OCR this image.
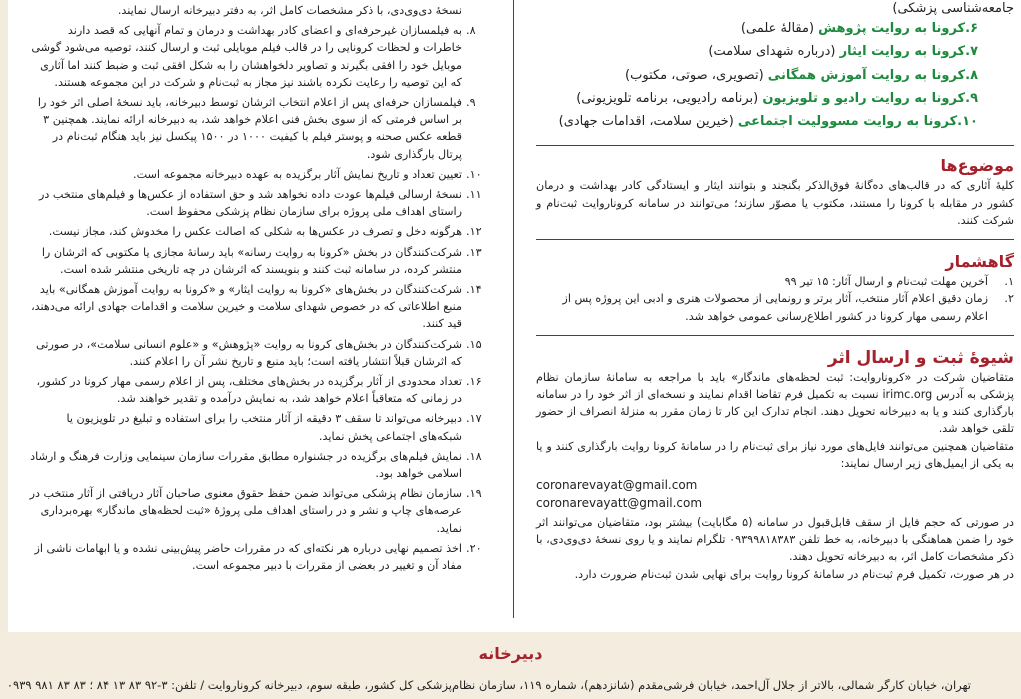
نسخهٔ دی‌وی‌دی، با ذکر مشخصات کامل اثر، به دفتر دبیرخانه ارسال نمایند.

۸.
به فیلمسازان غیرحرفه‌ای و اعضای کادر بهداشت و درمان و تمام آنهایی که قصد دارند خاطرات و لحظات کرونایی را در قالب فیلم موبایلی ثبت و ارسال کنند، توصیه می‌شود گوشی موبایل خود را افقی بگیرند و تصاویر دلخواهشان را به شکل افقی ثبت و ضبط کنند اما آثاری که این توصیه را رعایت نکرده باشند نیز مجاز به ثبت‌نام و شرکت در این مجموعه هستند.

۹.
فیلمسازان حرفه‌ای پس از اعلام انتخاب اثرشان توسط دبیرخانه، باید نسخهٔ اصلی اثر خود را بر اساس فرمتی که از سوی بخش فنی اعلام خواهد شد، به دبیرخانه ارائه نمایند. همچنین ۳ قطعه عکس صحنه و پوستر فیلم با کیفیت ۱۰۰۰ در ۱۵۰۰ پیکسل نیز باید هنگام ثبت‌نام در پرتال بارگذاری شود.

۱۰.
تعیین تعداد و تاریخ نمایش آثار برگزیده به عهده دبیرخانه مجموعه است.

۱۱.
نسخهٔ ارسالی فیلم‌ها عودت داده نخواهد شد و حق استفاده از عکس‌ها و فیلم‌های منتخب در راستای اهداف ملی پروژه برای سازمان نظام پزشکی محفوظ است.

۱۲.
هرگونه دخل و تصرف در عکس‌ها به شکلی که اصالت عکس را مخدوش کند، مجاز نیست.

۱۳.
شرکت‌کنندگان در بخش «کرونا به روایت رسانه» باید رسانهٔ مجازی یا مکتوبی که اثرشان را منتشر کرده، در سامانه ثبت کنند و بنویسند که اثرشان در چه تاریخی منتشر شده است.

۱۴.
شرکت‌کنندگان در بخش‌های «کرونا به روایت ایثار» و «کرونا به روایت آموزش همگانی» باید منبع اطلاعاتی که در خصوص شهدای سلامت و خیرین سلامت و اقدامات جهادی ارائه می‌دهند، قید کنند.

۱۵.
شرکت‌کنندگان در بخش‌های کرونا به روایت «پژوهش» و «علوم انسانی سلامت»، در صورتی که اثرشان قبلاً انتشار یافته است؛ باید منبع و تاریخ نشر آن را اعلام کنند.

۱۶.
تعداد محدودی از آثار برگزیده در بخش‌های مختلف، پس از اعلام رسمی مهار کرونا در کشور، در زمانی که متعاقباً اعلام خواهد شد، به نمایش درآمده و تقدیر خواهند شد.

۱۷.
دبیرخانه می‌تواند تا سقف ۳ دقیقه از آثار منتخب را برای استفاده و تبلیغ در تلویزیون یا شبکه‌های اجتماعی پخش نماید.

۱۸.
نمایش فیلم‌های برگزیده در جشنواره مطابق مقررات سازمان سینمایی وزارت فرهنگ و ارشاد اسلامی خواهد بود.

۱۹.
سازمان نظام پزشکی می‌تواند ضمن حفظ حقوق معنوی صاحبان آثار دریافتی از آثار منتخب در عرصه‌های چاپ و نشر و در راستای اهداف ملی پروژهٔ «ثبت لحظه‌های ماندگار» بهره‌برداری نماید.

۲۰.
اخذ تصمیم نهایی درباره هر نکته‌ای که در مقررات حاضر پیش‌بینی نشده و یا ابهامات ناشی از مفاد آن و تغییر در بعضی از مقررات با دبیر مجموعه است.

جامعه‌شناسی پزشکی)

۶.کرونا به روایت پژوهش (مقالهٔ علمی)

۷.کرونا به روایت ایثار (درباره شهدای سلامت)

۸.کرونا به روایت آموزش همگانی (تصویری، صوتی، مکتوب)

۹.کرونا به روایت رادیو و تلویزیون (برنامه رادیویی، برنامه تلویزیونی)

۱۰.کرونا به روایت مسوولیت اجتماعی (خیرین سلامت، اقدامات جهادی)

موضوع‌ها

کلیهٔ آثاری که در قالب‌های ده‌گانهٔ فوق‌الذکر بگنجند و بتوانند ایثار و ایستادگی کادر بهداشت و درمان کشور در مقابله با کرونا را مستند، مکتوب یا مصوّر سازند؛ می‌توانند در سامانه کرونا‌روایت ثبت‌نام و شرکت کنند.

گاهشمار

۱.
آخرین مهلت ثبت‌نام و ارسال آثار: ۱۵ تیر ۹۹

۲.
زمان دقیق اعلام آثار منتخب، آثار برتر و رونمایی از محصولات هنری و ادبی این پروژه پس از اعلام رسمی مهار کرونا در کشور اطلاع‌رسانی عمومی خواهد شد.

شیوهٔ ثبت و ارسال اثر

متقاضیان شرکت در «کرونا‌روایت: ثبت لحظه‌های ماندگار» باید با مراجعه به سامانهٔ سازمان نظام پزشکی به آدرس irimc.org نسبت به تکمیل فرم تقاضا اقدام نمایند و نسخه‌ای از اثر خود را در سامانه بارگذاری کنند و یا به دبیرخانه تحویل دهند. انجام تدارک این کار تا زمان مقرر به منزلهٔ انصراف از حضور تلقی خواهد شد.

متقاضیان همچنین می‌توانند فایل‌های مورد نیاز برای ثبت‌نام را در سامانهٔ کرونا روایت بارگذاری کنند و یا به یکی از ایمیل‌های زیر ارسال نمایند:

coronarevayat@gmail.com

coronarevayatt@gmail.com

در صورتی که حجم فایل از سقف قابل‌قبول در سامانه (۵ مگابایت) بیشتر بود، متقاضیان می‌توانند اثر خود را ضمن هماهنگی با دبیرخانه، به خط تلفن ۰۹۳۹۹۸۱۸۳۸۳ تلگرام نمایند و یا روی نسخهٔ دی‌وی‌دی، با ذکر مشخصات کامل اثر، به دبیرخانه تحویل دهند.

در هر صورت، تکمیل فرم ثبت‌نام در سامانهٔ کرونا روایت برای نهایی شدن ثبت‌نام ضرورت دارد.

دبیرخانه
تهران، خیابان کارگر شمالی، بالاتر از جلال آل‌احمد، خیابان فرشی‌مقدم (شانزدهم)، شماره ۱۱۹، سازمان نظام‌پزشکی کل کشور، طبقه سوم، دبیرخانه کرونا‌روایت / تلفن: ۳-۹۲ ۸۳ ۱۳ ۸۴ ؛ ۸۳ ۸۳ ۹۸۱ ۰۹۳۹
